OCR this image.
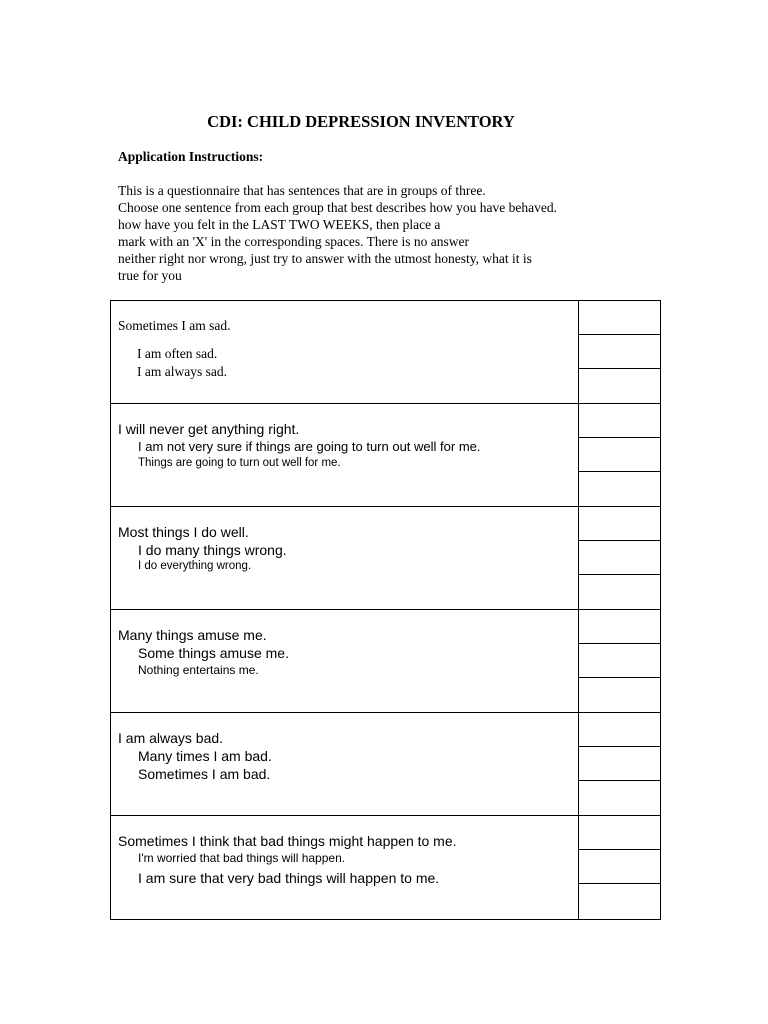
CDI: CHILD DEPRESSION INVENTORY
Application Instructions:
This is a questionnaire that has sentences that are in groups of three.
Choose one sentence from each group that best describes how you have behaved.
how have you felt in the LAST TWO WEEKS, then place a
mark with an 'X' in the corresponding spaces. There is no answer
neither right nor wrong, just try to answer with the utmost honesty, what it is
true for you

Sometimes I am sad.

I am often sad.

I am always sad.

I will never get anything right.

I am not very sure if things are going to turn out well for me.

Things are going to turn out well for me.

Most things I do well.

I do many things wrong.

I do everything wrong.

Many things amuse me.

Some things amuse me.

Nothing entertains me.

I am always bad.

Many times I am bad.

Sometimes I am bad.

Sometimes I think that bad things might happen to me.

I'm worried that bad things will happen.

I am sure that very bad things will happen to me.
